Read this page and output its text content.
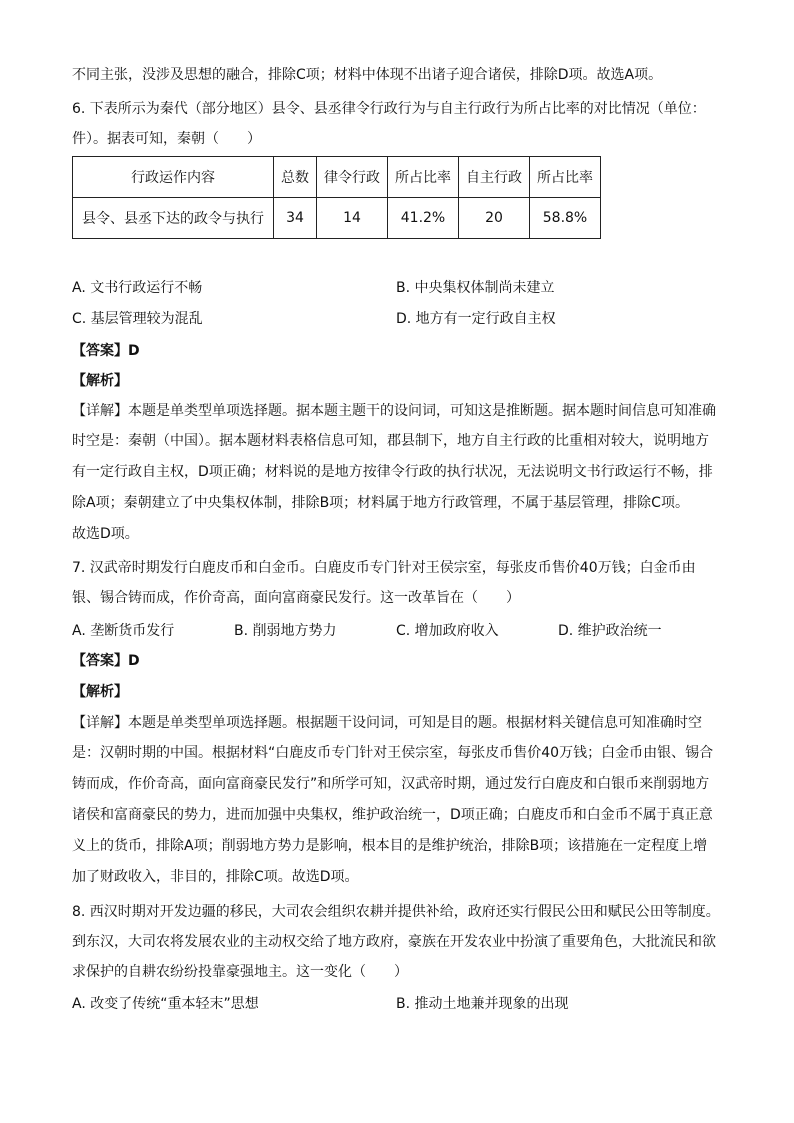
不同主张，没涉及思想的融合，排除C项；材料中体现不出诸子迎合诸侯，排除D项。故选A项。
6. 下表所示为秦代（部分地区）县令、县丞律令行政行为与自主行政行为所占比率的对比情况（单位：
件）。据表可知，秦朝（　　）
行政运作内容	总数	律令行政	所占比率	自主行政	所占比率
县令、县丞下达的政令与执行	34	14	41.2%	20	58.8%
A. 文书行政运行不畅	B. 中央集权体制尚未建立
C. 基层管理较为混乱	D. 地方有一定行政自主权
【答案】D
【解析】
【详解】本题是单类型单项选择题。据本题主题干的设问词，可知这是推断题。据本题时间信息可知准确
时空是：秦朝（中国）。据本题材料表格信息可知，郡县制下，地方自主行政的比重相对较大，说明地方
有一定行政自主权，D项正确；材料说的是地方按律令行政的执行状况，无法说明文书行政运行不畅，排
除A项；秦朝建立了中央集权体制，排除B项；材料属于地方行政管理，不属于基层管理，排除C项。
故选D项。
7. 汉武帝时期发行白鹿皮币和白金币。白鹿皮币专门针对王侯宗室，每张皮币售价40万钱；白金币由
银、锡合铸而成，作价奇高，面向富商豪民发行。这一改革旨在（　　）
A. 垄断货币发行	B. 削弱地方势力	C. 增加政府收入	D. 维护政治统一
【答案】D
【解析】
【详解】本题是单类型单项选择题。根据题干设问词，可知是目的题。根据材料关键信息可知准确时空
是：汉朝时期的中国。根据材料“白鹿皮币专门针对王侯宗室，每张皮币售价40万钱；白金币由银、锡合
铸而成，作价奇高，面向富商豪民发行”和所学可知，汉武帝时期，通过发行白鹿皮和白银币来削弱地方
诸侯和富商豪民的势力，进而加强中央集权，维护政治统一，D项正确；白鹿皮币和白金币不属于真正意
义上的货币，排除A项；削弱地方势力是影响，根本目的是维护统治，排除B项；该措施在一定程度上增
加了财政收入，非目的，排除C项。故选D项。
8. 西汉时期对开发边疆的移民，大司农会组织农耕并提供补给，政府还实行假民公田和赋民公田等制度。
到东汉，大司农将发展农业的主动权交给了地方政府，豪族在开发农业中扮演了重要角色，大批流民和欲
求保护的自耕农纷纷投靠豪强地主。这一变化（　　）
A. 改变了传统“重本轻末”思想	B. 推动土地兼并现象的出现
